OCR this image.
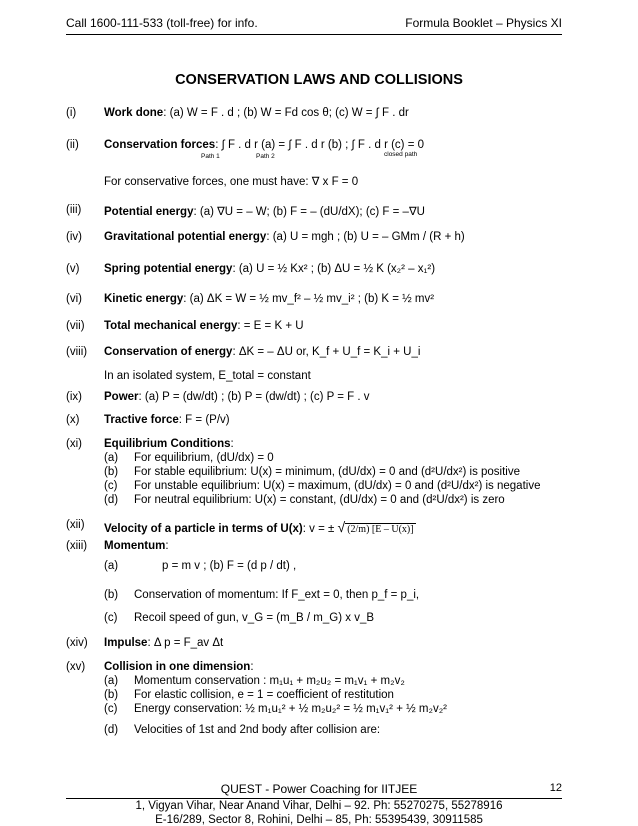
Call 1600-111-533 (toll-free) for info.	Formula Booklet – Physics XI
CONSERVATION LAWS AND COLLISIONS
(i) Work done: (a) W = F . d ; (b) W = Fd cos θ; (c) W = ∫ F . dr
(ii) Conservation forces: ∫ F . d r (a) = ∫ F . d r (b) ; ∫ F . d r (c) = 0
Path 1	Path 2	closed path
For conservative forces, one must have: ∇ x F = 0
(iii) Potential energy: (a) ∇U = – W; (b) F = – (dU/dX); (c) F = –∇U
(iv) Gravitational potential energy: (a) U = mgh ; (b) U = – GMm / (R + h)
(v) Spring potential energy: (a) U = ½ Kx² ; (b) ΔU = ½ K (x₂² – x₁²)
(vi) Kinetic energy: (a) ΔK = W = ½ mv_f² – ½ mv_i² ; (b) K = ½ mv²
(vii) Total mechanical energy: = E = K + U
(viii) Conservation of energy: ΔK = – ΔU or, K_f + U_f = K_i + U_i
In an isolated system, E_total = constant
(ix) Power: (a) P = (dw/dt) ; (b) P = (dw/dt) ; (c) P = F . v
(x) Tractive force: F = (P/v)
(xi) Equilibrium Conditions:
(a) For equilibrium, (dU/dx) = 0
(b) For stable equilibrium: U(x) = minimum, (dU/dx) = 0 and (d²U/dx²) is positive
(c) For unstable equilibrium: U(x) = maximum, (dU/dx) = 0 and (d²U/dx²) is negative
(d) For neutral equilibrium: U(x) = constant, (dU/dx) = 0 and (d²U/dx²) is zero
(xii) Velocity of a particle in terms of U(x): v = ± √ (2/m) [E – U(x)]
(xiii) Momentum:
(a)	p = m v ; (b) F = (d p / dt) ,
(b) Conservation of momentum: If F_ext = 0, then p_f = p_i,
(c) Recoil speed of gun, v_G = (m_B / m_G) x v_B
(xiv) Impulse: Δ p = F_av Δt
(xv) Collision in one dimension:
(a) Momentum conservation : m₁u₁ + m₂u₂ = m₁v₁ + m₂v₂
(b) For elastic collision, e = 1 = coefficient of restitution
(c) Energy conservation: ½ m₁u₁² + ½ m₂u₂² = ½ m₁v₁² + ½ m₂v₂²
(d) Velocities of 1st and 2nd body after collision are:
QUEST - Power Coaching for IITJEE	12
1, Vigyan Vihar, Near Anand Vihar, Delhi – 92. Ph: 55270275, 55278916
E-16/289, Sector 8, Rohini, Delhi – 85, Ph: 55395439, 30911585
